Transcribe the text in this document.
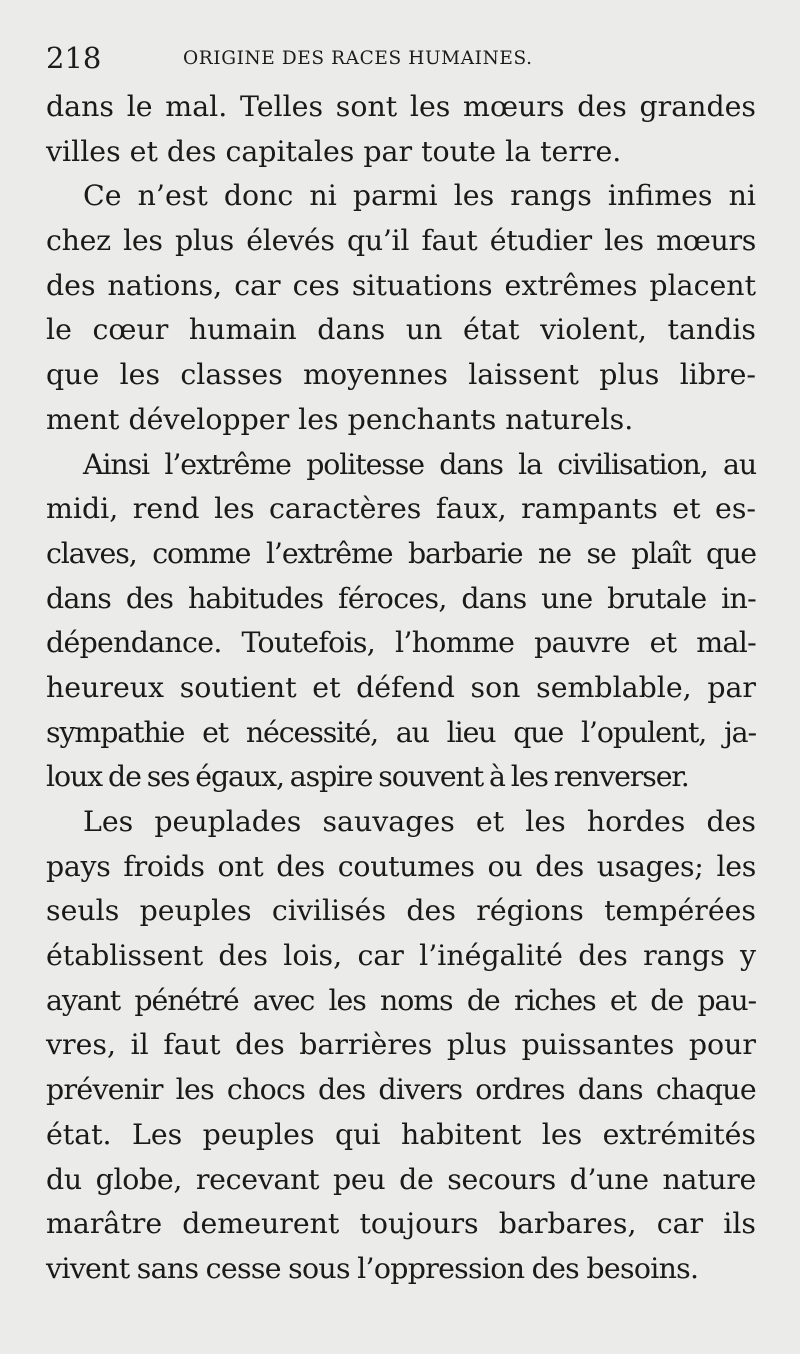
218	ORIGINE DES RACES HUMAINES.
dans le mal. Telles sont les mœurs des grandes
villes et des capitales par toute la terre.
Ce n’est donc ni parmi les rangs infimes ni
chez les plus élevés qu’il faut étudier les mœurs
des nations, car ces situations extrêmes placent
le cœur humain dans un état violent, tandis
que les classes moyennes laissent plus libre-
ment développer les penchants naturels.
Ainsi l’extrême politesse dans la civilisation, au
midi, rend les caractères faux, rampants et es-
claves, comme l’extrême barbarie ne se plaît que
dans des habitudes féroces, dans une brutale in-
dépendance. Toutefois, l’homme pauvre et mal-
heureux soutient et défend son semblable, par
sympathie et nécessité, au lieu que l’opulent, ja-
loux de ses égaux, aspire souvent à les renverser.
Les peuplades sauvages et les hordes des
pays froids ont des coutumes ou des usages; les
seuls peuples civilisés des régions tempérées
établissent des lois, car l’inégalité des rangs y
ayant pénétré avec les noms de riches et de pau-
vres, il faut des barrières plus puissantes pour
prévenir les chocs des divers ordres dans chaque
état. Les peuples qui habitent les extrémités
du globe, recevant peu de secours d’une nature
marâtre demeurent toujours barbares, car ils
vivent sans cesse sous l’oppression des besoins.
